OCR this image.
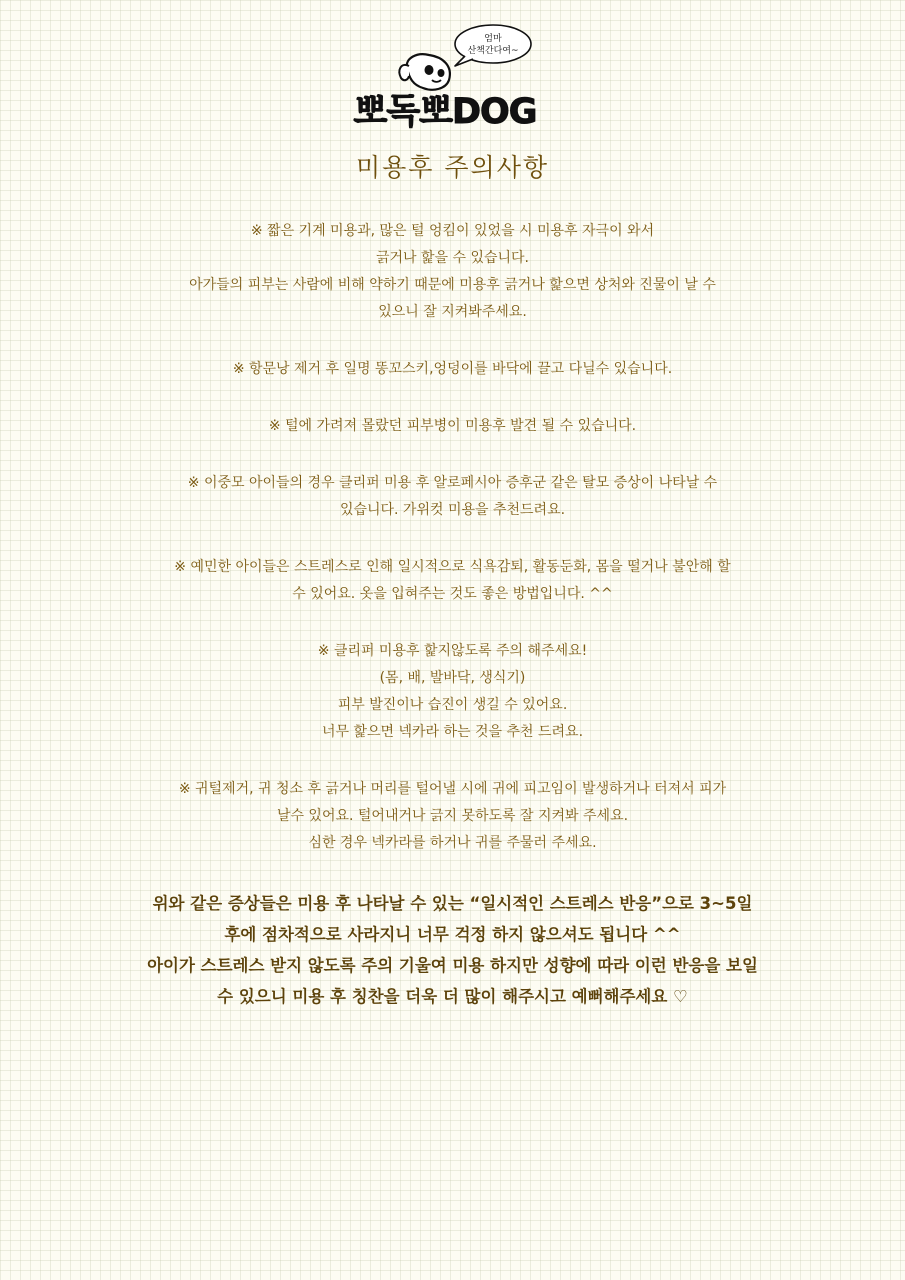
엄마
산책간다여~
뽀독뽀DOG
미용후 주의사항
※ 짧은 기계 미용과, 많은 털 엉킴이 있었을 시 미용후 자극이 와서
긁거나 핥을 수 있습니다.
아가들의 피부는 사람에 비해 약하기 때문에 미용후 긁거나 핥으면 상처와 진물이 날 수
있으니 잘 지켜봐주세요.
※ 항문낭 제거 후 일명 똥꼬스키,엉덩이를 바닥에 끌고 다닐수 있습니다.
※ 털에 가려져 몰랐던 피부병이 미용후 발견 될 수 있습니다.
※ 이중모 아이들의 경우 클리퍼 미용 후 알로페시아 증후군 같은 탈모 증상이 나타날 수
있습니다. 가위컷 미용을 추천드려요.
※ 예민한 아이들은 스트레스로 인해 일시적으로 식욕감퇴, 활동둔화, 몸을 떨거나 불안해 할
수 있어요. 옷을 입혀주는 것도 좋은 방법입니다. ^^
※ 클리퍼 미용후 핥지않도록 주의 해주세요!
(몸, 배, 발바닥, 생식기)
피부 발진이나 습진이 생길 수 있어요.
너무 핥으면 넥카라 하는 것을 추천 드려요.
※ 귀털제거, 귀 청소 후 긁거나 머리를 털어낼 시에 귀에 피고임이 발생하거나 터져서 피가
날수 있어요. 털어내거나 긁지 못하도록 잘 지켜봐 주세요.
심한 경우 넥카라를 하거나 귀를 주물러 주세요.
위와 같은 증상들은 미용 후 나타날 수 있는 “일시적인 스트레스 반응”으로 3~5일
후에 점차적으로 사라지니 너무 걱정 하지 않으셔도 됩니다 ^^
아이가 스트레스 받지 않도록 주의 기울여 미용 하지만 성향에 따라 이런 반응을 보일
수 있으니 미용 후 칭찬을 더욱 더 많이 해주시고 예뻐해주세요 ♡
